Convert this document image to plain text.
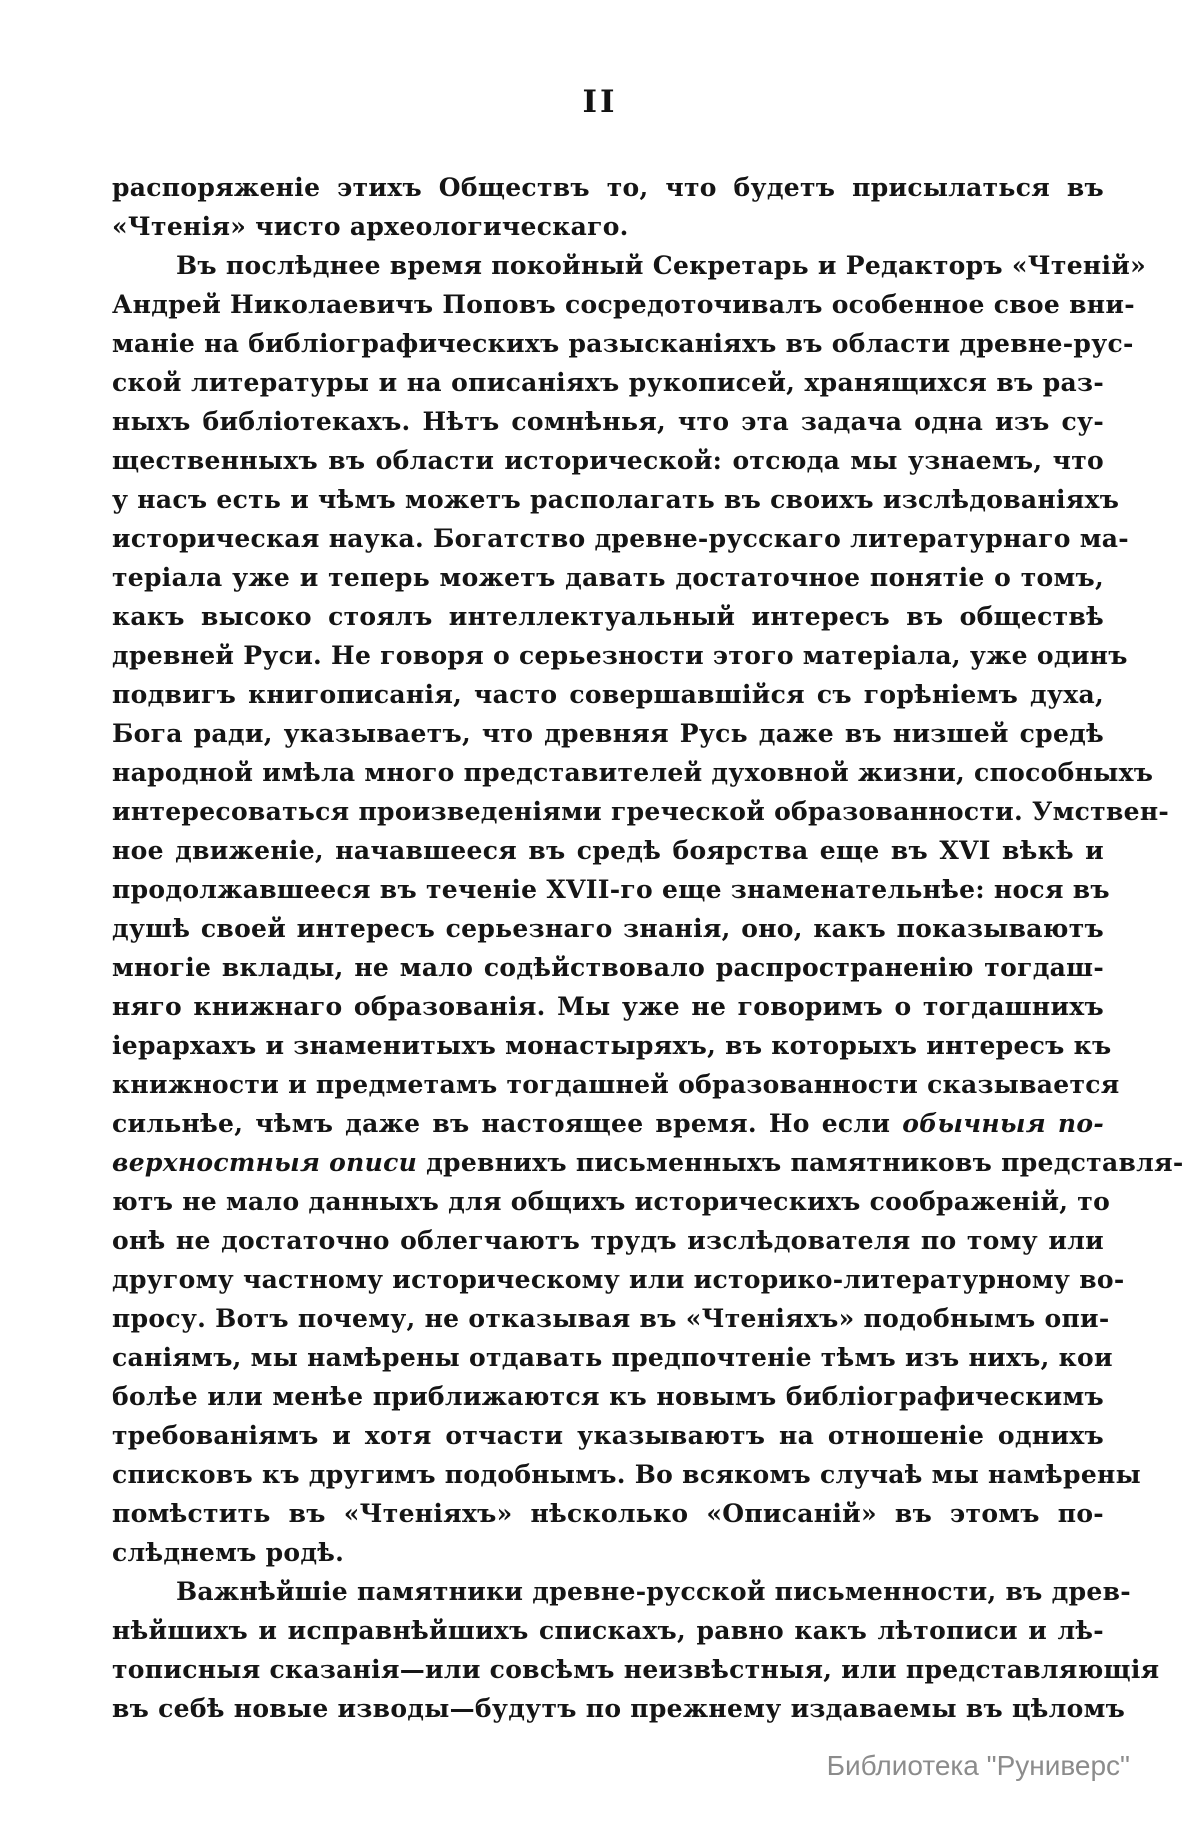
II
распоряженіе этихъ Обществъ то, что будетъ присылаться въ
«Чтенія» чисто археологическаго.
Въ послѣднее время покойный Секретарь и Редакторъ «Чтеній»
Андрей Николаевичъ Поповъ сосредоточивалъ особенное свое вни-
маніе на библіографическихъ разысканіяхъ въ области древне-рус-
ской литературы и на описаніяхъ рукописей, хранящихся въ раз-
ныхъ библіотекахъ. Нѣтъ сомнѣнья, что эта задача одна изъ су-
щественныхъ въ области исторической: отсюда мы узнаемъ, что
у насъ есть и чѣмъ можетъ располагать въ своихъ изслѣдованіяхъ
историческая наука. Богатство древне-русскаго литературнаго ма-
теріала уже и теперь можетъ давать достаточное понятіе о томъ,
какъ высоко стоялъ интеллектуальный интересъ въ обществѣ
древней Руси. Не говоря о серьезности этого матеріала, уже одинъ
подвигъ книгописанія, часто совершавшійся съ горѣніемъ духа,
Бога ради, указываетъ, что древняя Русь даже въ низшей средѣ
народной имѣла много представителей духовной жизни, способныхъ
интересоваться произведеніями греческой образованности. Умствен-
ное движеніе, начавшееся въ средѣ боярства еще въ XVI вѣкѣ и
продолжавшееся въ теченіе XVII-го еще знаменательнѣе: нося въ
душѣ своей интересъ серьезнаго знанія, оно, какъ показываютъ
многіе вклады, не мало содѣйствовало распространенію тогдаш-
няго книжнаго образованія. Мы уже не говоримъ о тогдашнихъ
іерархахъ и знаменитыхъ монастыряхъ, въ которыхъ интересъ къ
книжности и предметамъ тогдашней образованности сказывается
сильнѣе, чѣмъ даже въ настоящее время. Но если обычныя по-
верхностныя описи древнихъ письменныхъ памятниковъ представля-
ютъ не мало данныхъ для общихъ историческихъ соображеній, то
онѣ не достаточно облегчаютъ трудъ изслѣдователя по тому или
другому частному историческому или историко-литературному во-
просу. Вотъ почему, не отказывая въ «Чтеніяхъ» подобнымъ опи-
саніямъ, мы намѣрены отдавать предпочтеніе тѣмъ изъ нихъ, кои
болѣе или менѣе приближаются къ новымъ библіографическимъ
требованіямъ и хотя отчасти указываютъ на отношеніе однихъ
списковъ къ другимъ подобнымъ. Во всякомъ случаѣ мы намѣрены
помѣстить въ «Чтеніяхъ» нѣсколько «Описаній» въ этомъ по-
слѣднемъ родѣ.
Важнѣйшіе памятники древне-русской письменности, въ древ-
нѣйшихъ и исправнѣйшихъ спискахъ, равно какъ лѣтописи и лѣ-
тописныя сказанія—или совсѣмъ неизвѣстныя, или представляющія
въ себѣ новые изводы—будутъ по прежнему издаваемы въ цѣломъ
Библиотека "Руниверс"
